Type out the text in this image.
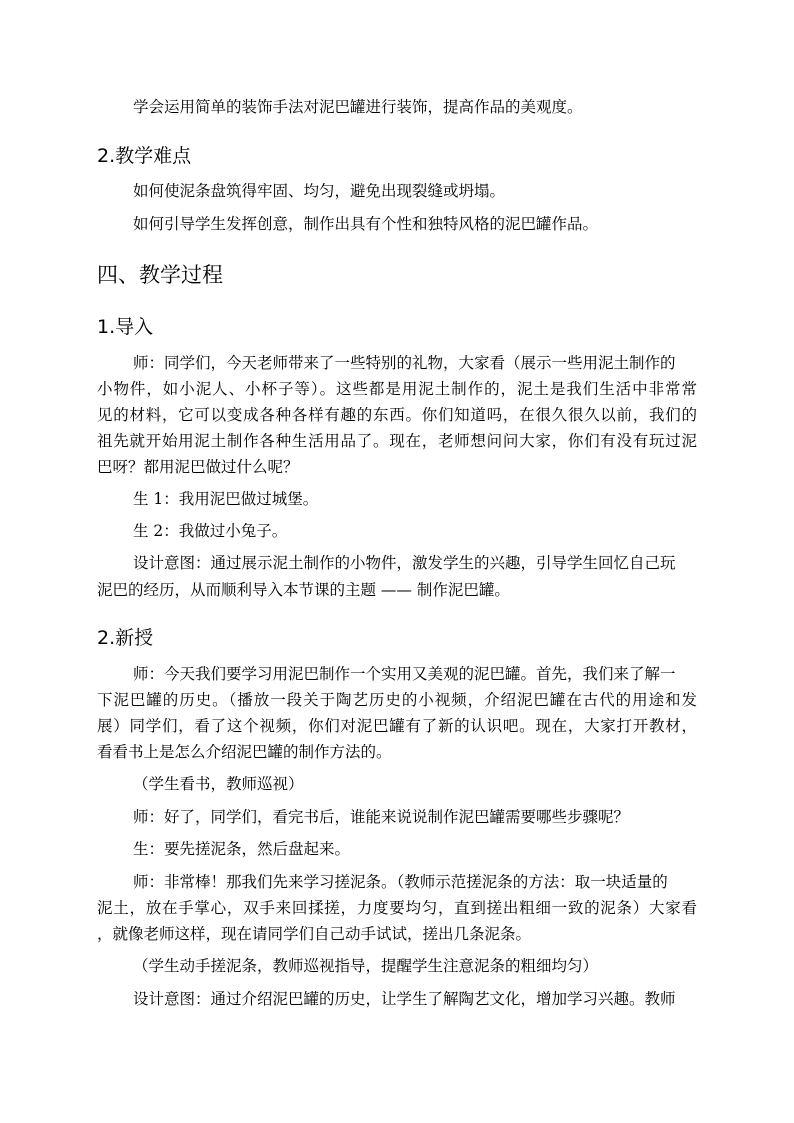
学会运用简单的装饰手法对泥巴罐进行装饰，提高作品的美观度。
2.教学难点
如何使泥条盘筑得牢固、均匀，避免出现裂缝或坍塌。
如何引导学生发挥创意，制作出具有个性和独特风格的泥巴罐作品。
四、教学过程
1.导入
师：同学们，今天老师带来了一些特别的礼物，大家看（展示一些用泥土制作的
小物件，如小泥人、小杯子等）。这些都是用泥土制作的，泥土是我们生活中非常常
见的材料，它可以变成各种各样有趣的东西。你们知道吗，在很久很久以前，我们的
祖先就开始用泥土制作各种生活用品了。现在，老师想问问大家，你们有没有玩过泥
巴呀？都用泥巴做过什么呢？
生 1：我用泥巴做过城堡。
生 2：我做过小兔子。
设计意图：通过展示泥土制作的小物件，激发学生的兴趣，引导学生回忆自己玩
泥巴的经历，从而顺利导入本节课的主题 —— 制作泥巴罐。
2.新授
师：今天我们要学习用泥巴制作一个实用又美观的泥巴罐。首先，我们来了解一
下泥巴罐的历史。（播放一段关于陶艺历史的小视频，介绍泥巴罐在古代的用途和发
展）同学们，看了这个视频，你们对泥巴罐有了新的认识吧。现在，大家打开教材，
看看书上是怎么介绍泥巴罐的制作方法的。
（学生看书，教师巡视）
师：好了，同学们，看完书后，谁能来说说制作泥巴罐需要哪些步骤呢？
生：要先搓泥条，然后盘起来。
师：非常棒！那我们先来学习搓泥条。（教师示范搓泥条的方法：取一块适量的
泥土，放在手掌心，双手来回揉搓，力度要均匀，直到搓出粗细一致的泥条）大家看
，就像老师这样，现在请同学们自己动手试试，搓出几条泥条。
（学生动手搓泥条，教师巡视指导，提醒学生注意泥条的粗细均匀）
设计意图：通过介绍泥巴罐的历史，让学生了解陶艺文化，增加学习兴趣。教师
